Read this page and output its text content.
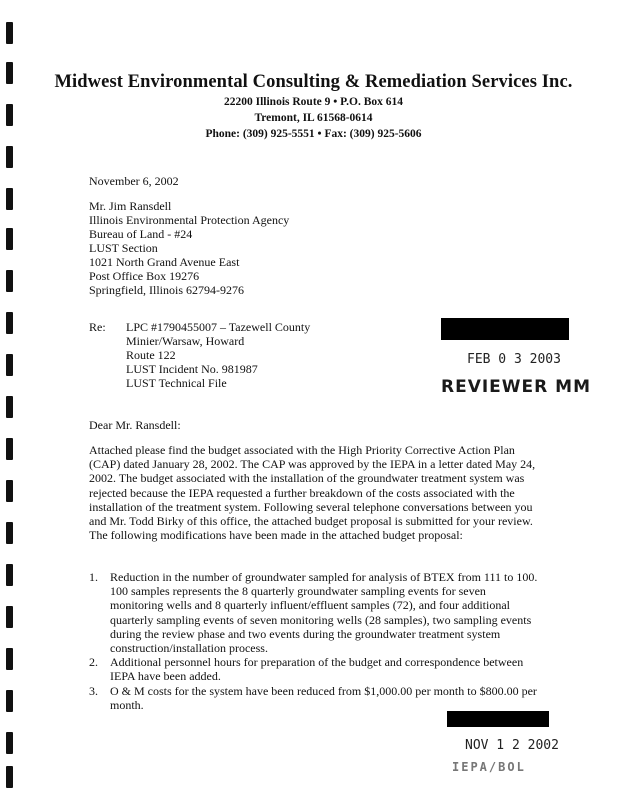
Midwest Environmental Consulting & Remediation Services Inc.
22200 Illinois Route 9 • P.O. Box 614
Tremont, IL 61568-0614
Phone: (309) 925-5551 • Fax: (309) 925-5606
November 6, 2002
Mr. Jim Ransdell
Illinois Environmental Protection Agency
Bureau of Land - #24
LUST Section
1021 North Grand Avenue East
Post Office Box 19276
Springfield, Illinois 62794-9276
Re: LPC #1790455007 – Tazewell County
Minier/Warsaw, Howard
Route 122
LUST Incident No. 981987
LUST Technical File
FEB 0 3 2003
REVIEWER MM
Dear Mr. Ransdell:
Attached please find the budget associated with the High Priority Corrective Action Plan (CAP) dated January 28, 2002. The CAP was approved by the IEPA in a letter dated May 24, 2002. The budget associated with the installation of the groundwater treatment system was rejected because the IEPA requested a further breakdown of the costs associated with the installation of the treatment system. Following several telephone conversations between you and Mr. Todd Birky of this office, the attached budget proposal is submitted for your review. The following modifications have been made in the attached budget proposal:
1. Reduction in the number of groundwater sampled for analysis of BTEX from 111 to 100. 100 samples represents the 8 quarterly groundwater sampling events for seven monitoring wells and 8 quarterly influent/effluent samples (72), and four additional quarterly sampling events of seven monitoring wells (28 samples), two sampling events during the review phase and two events during the groundwater treatment system construction/installation process.
2. Additional personnel hours for preparation of the budget and correspondence between IEPA have been added.
3. O & M costs for the system have been reduced from $1,000.00 per month to $800.00 per month.
NOV 1 2 2002
IEPA/BOL
